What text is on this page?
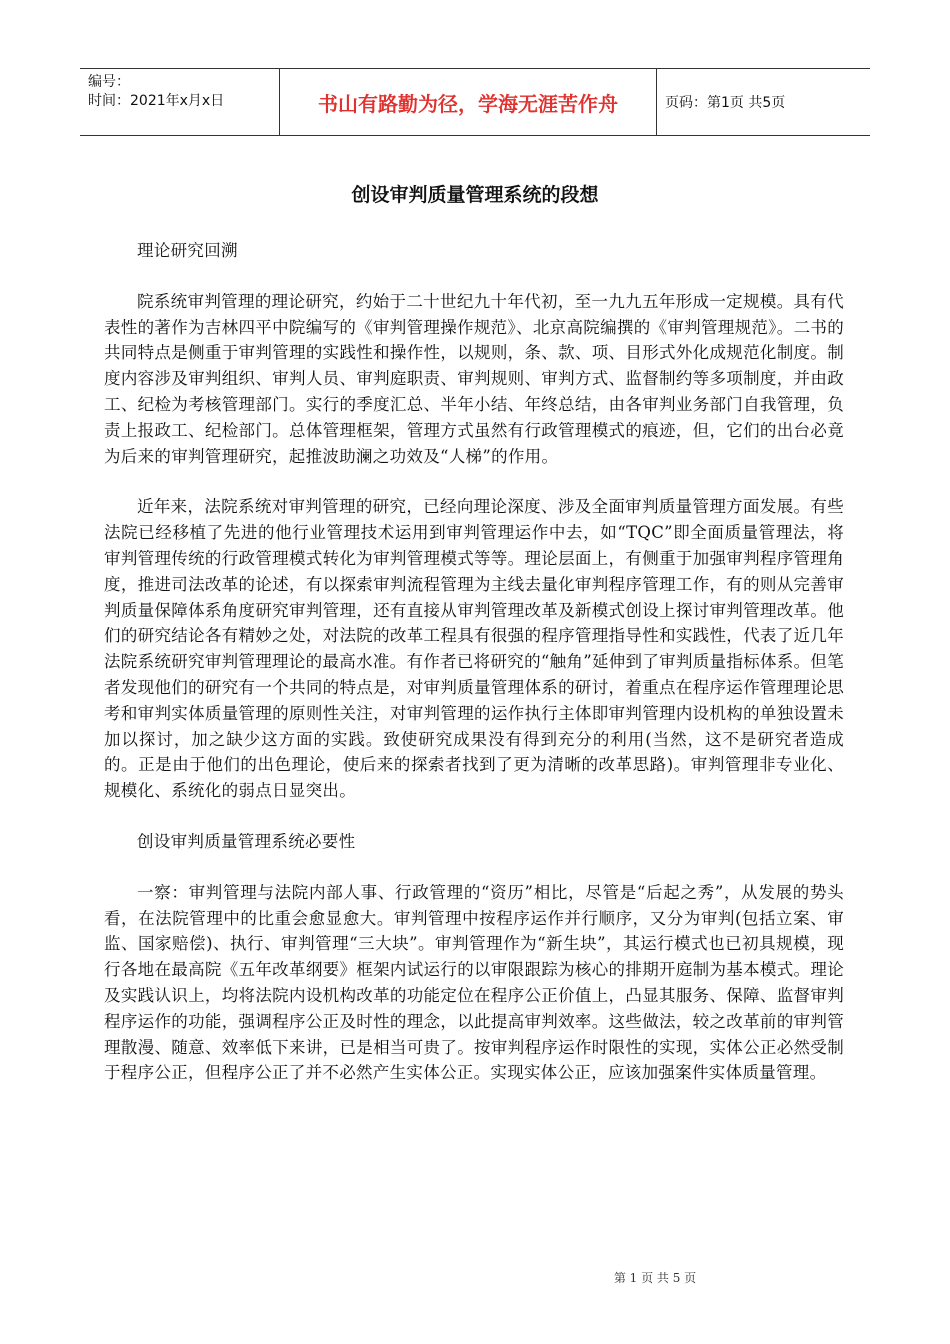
编号：
时间：2021年x月x日	书山有路勤为径，学海无涯苦作舟	页码：第1页 共5页
创设审判质量管理系统的段想

理论研究回溯

院系统审判管理的理论研究，约始于二十世纪九十年代初，至一九九五年形成一定规模。具有代表性的著作为吉林四平中院编写的《审判管理操作规范》、北京高院编撰的《审判管理规范》。二书的共同特点是侧重于审判管理的实践性和操作性，以规则，条、款、项、目形式外化成规范化制度。制度内容涉及审判组织、审判人员、审判庭职责、审判规则、审判方式、监督制约等多项制度，并由政工、纪检为考核管理部门。实行的季度汇总、半年小结、年终总结，由各审判业务部门自我管理，负责上报政工、纪检部门。总体管理框架，管理方式虽然有行政管理模式的痕迹，但，它们的出台必竟为后来的审判管理研究，起推波助澜之功效及“人梯”的作用。

近年来，法院系统对审判管理的研究，已经向理论深度、涉及全面审判质量管理方面发展。有些法院已经移植了先进的他行业管理技术运用到审判管理运作中去，如“TQC”即全面质量管理法，将审判管理传统的行政管理模式转化为审判管理模式等等。理论层面上，有侧重于加强审判程序管理角度，推进司法改革的论述，有以探索审判流程管理为主线去量化审判程序管理工作，有的则从完善审判质量保障体系角度研究审判管理，还有直接从审判管理改革及新模式创设上探讨审判管理改革。他们的研究结论各有精妙之处，对法院的改革工程具有很强的程序管理指导性和实践性，代表了近几年法院系统研究审判管理理论的最高水准。有作者已将研究的“触角”延伸到了审判质量指标体系。但笔者发现他们的研究有一个共同的特点是，对审判质量管理体系的研讨，着重点在程序运作管理理论思考和审判实体质量管理的原则性关注，对审判管理的运作执行主体即审判管理内设机构的单独设置未加以探讨，加之缺少这方面的实践。致使研究成果没有得到充分的利用(当然，这不是研究者造成的。正是由于他们的出色理论，使后来的探索者找到了更为清晰的改革思路)。审判管理非专业化、规模化、系统化的弱点日显突出。

创设审判质量管理系统必要性

一察：审判管理与法院内部人事、行政管理的“资历”相比，尽管是“后起之秀”，从发展的势头看，在法院管理中的比重会愈显愈大。审判管理中按程序运作并行顺序，又分为审判(包括立案、审监、国家赔偿)、执行、审判管理“三大块”。审判管理作为“新生块”，其运行模式也已初具规模，现行各地在最高院《五年改革纲要》框架内试运行的以审限跟踪为核心的排期开庭制为基本模式。理论及实践认识上，均将法院内设机构改革的功能定位在程序公正价值上，凸显其服务、保障、监督审判程序运作的功能，强调程序公正及时性的理念，以此提高审判效率。这些做法，较之改革前的审判管理散漫、随意、效率低下来讲，已是相当可贵了。按审判程序运作时限性的实现，实体公正必然受制于程序公正，但程序公正了并不必然产生实体公正。实现实体公正，应该加强案件实体质量管理。

第 1 页 共 5 页
